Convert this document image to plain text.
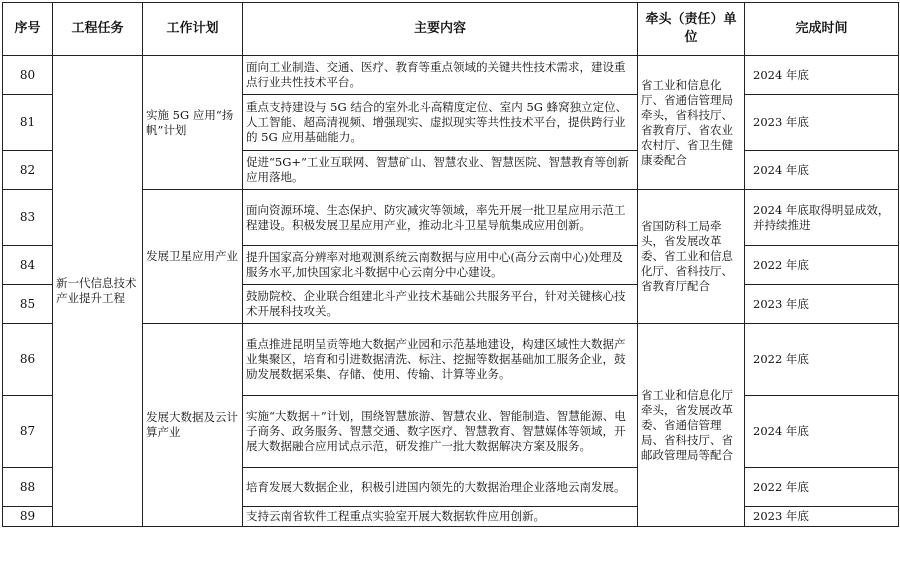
序号	工程任务	工作计划	主要内容	牵头（责任）单位	完成时间
80	新一代信息技术产业提升工程	实施 5G 应用“扬帆”计划	面向工业制造、交通、医疗、教育等重点领域的关键共性技术需求，建设重点行业共性技术平台。	省工业和信息化厅、省通信管理局牵头，省科技厅、省教育厅、省农业农村厅、省卫生健康委配合	2024 年底
81			重点支持建设与 5G 结合的室外北斗高精度定位、室内 5G 蜂窝独立定位、人工智能、超高清视频、增强现实、虚拟现实等共性技术平台，提供跨行业的 5G 应用基础能力。		2023 年底
82			促进“5G+”工业互联网、智慧矿山、智慧农业、智慧医院、智慧教育等创新应用落地。		2024 年底
83		发展卫星应用产业	面向资源环境、生态保护、防灾减灾等领域，率先开展一批卫星应用示范工程建设。积极发展卫星应用产业，推动北斗卫星导航集成应用创新。	省国防科工局牵头，省发展改革委、省工业和信息化厅、省科技厅、省教育厅配合	2024 年底取得明显成效，并持续推进
84			提升国家高分辨率对地观测系统云南数据与应用中心(高分云南中心)处理及服务水平,加快国家北斗数据中心云南分中心建设。		2022 年底
85			鼓励院校、企业联合组建北斗产业技术基础公共服务平台，针对关键核心技术开展科技攻关。		2023 年底
86		发展大数据及云计算产业	重点推进昆明呈贡等地大数据产业园和示范基地建设，构建区域性大数据产业集聚区，培育和引进数据清洗、标注、挖掘等数据基础加工服务企业，鼓励发展数据采集、存储、使用、传输、计算等业务。	省工业和信息化厅牵头，省发展改革委、省通信管理局、省科技厅、省邮政管理局等配合	2022 年底
87			实施“大数据＋”计划，围绕智慧旅游、智慧农业、智能制造、智慧能源、电子商务、政务服务、智慧交通、数字医疗、智慧教育、智慧媒体等领域，开展大数据融合应用试点示范，研发推广一批大数据解决方案及服务。		2024 年底
88			培育发展大数据企业，积极引进国内领先的大数据治理企业落地云南发展。		2022 年底
89			支持云南省软件工程重点实验室开展大数据软件应用创新。		2023 年底
